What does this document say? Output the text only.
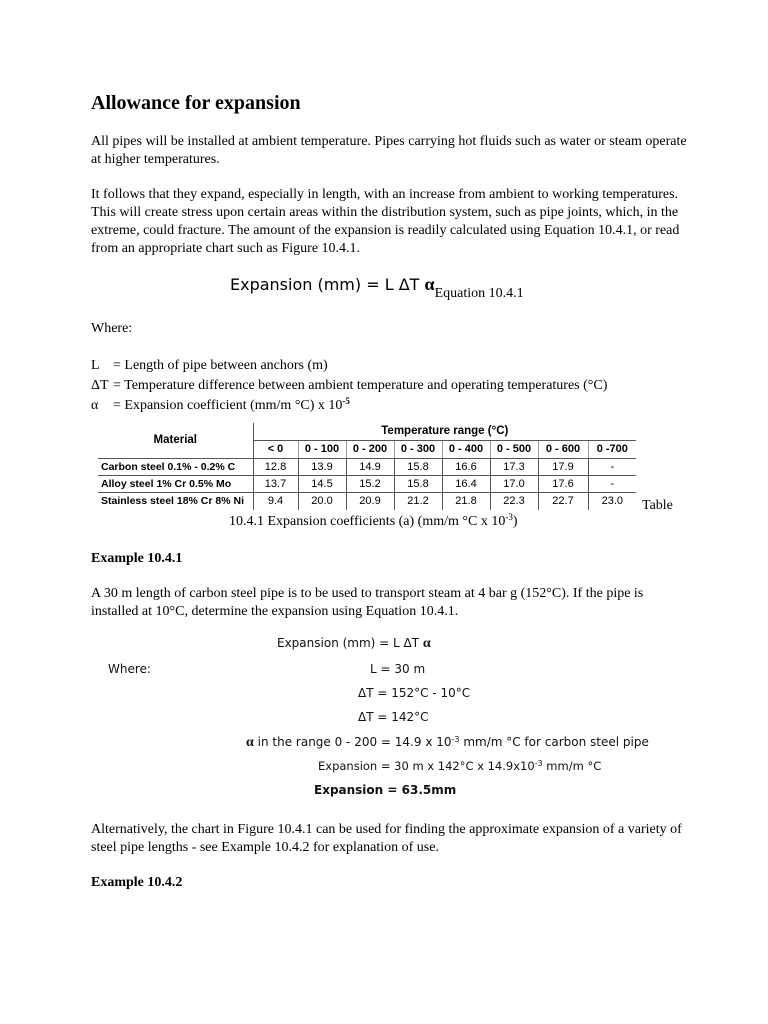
Allowance for expansion

All pipes will be installed at ambient temperature. Pipes carrying hot fluids such as water or steam operate at higher temperatures.

It follows that they expand, especially in length, with an increase from ambient to working temperatures. This will create stress upon certain areas within the distribution system, such as pipe joints, which, in the extreme, could fracture. The amount of the expansion is readily calculated using Equation 10.4.1, or read from an appropriate chart such as Figure 10.4.1.

Expansion (mm) = L ΔT αEquation 10.4.1

Where:

L = Length of pipe between anchors (m)
ΔT = Temperature difference between ambient temperature and operating temperatures (°C)
α = Expansion coefficient (mm/m °C) x $10^{-5}$
Material	Temperature range (°C)							
	< 0	0 - 100	0 - 200	0 - 300	0 - 400	0 - 500	0 - 600	0 -700
Carbon steel 0.1% - 0.2% C	12.8	13.9	14.9	15.8	16.6	17.3	17.9	-
Alloy steel 1% Cr 0.5% Mo	13.7	14.5	15.2	15.8	16.4	17.0	17.6	-
Stainless steel 18% Cr 8% Ni	9.4	20.0	20.9	21.2	21.8	22.3	22.7	23.0 Table
10.4.1 Expansion coefficients (a) (mm/m °C x $10^{-3}$)
Example 10.4.1

A 30 m length of carbon steel pipe is to be used to transport steam at 4 bar g (152°C). If the pipe is installed at 10°C, determine the expansion using Equation 10.4.1.

Expansion (mm) = L ΔT α
Where:	L = 30 m
ΔT = 152°C - 10°C
ΔT = 142°C
α in the range 0 - 200 = 14.9 x $10^{-3}$ mm/m °C for carbon steel pipe
Expansion = 30 m x 142°C x $14.9x10^{-3}$ mm/m °C
Expansion = 63.5mm

Alternatively, the chart in Figure 10.4.1 can be used for finding the approximate expansion of a variety of steel pipe lengths - see Example 10.4.2 for explanation of use.

Example 10.4.2
